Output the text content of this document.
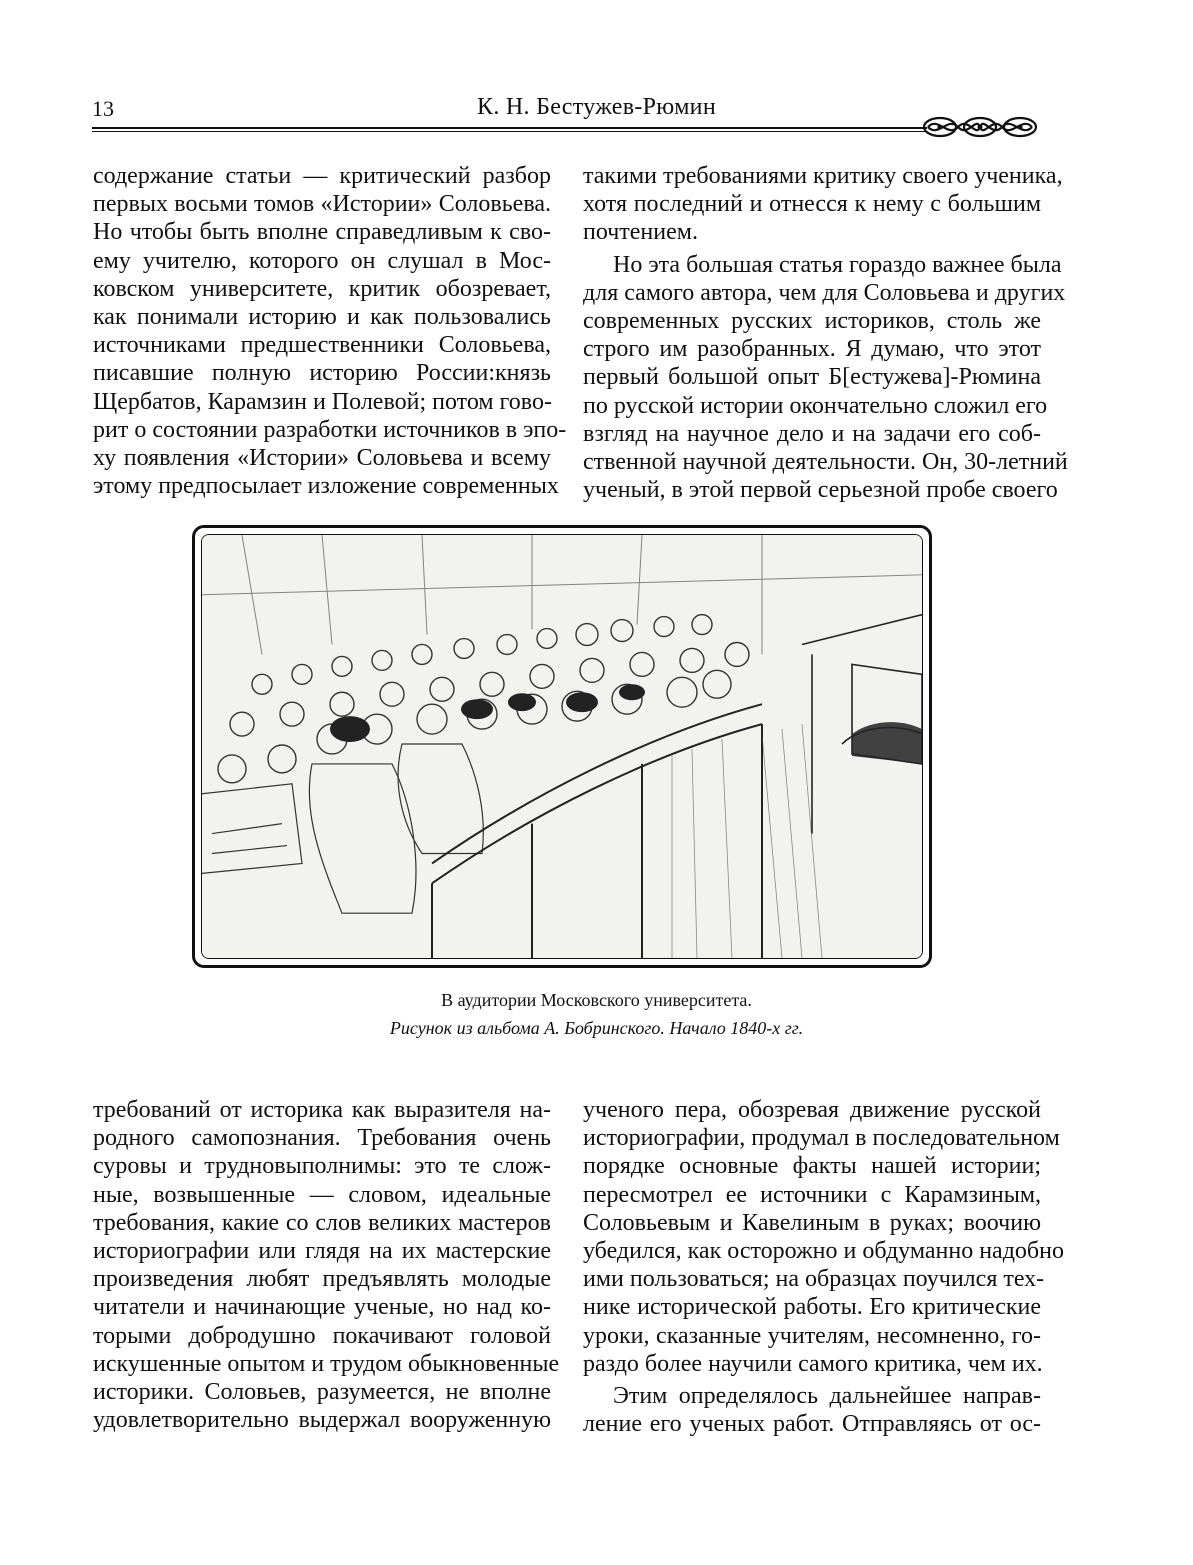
13	К. Н. Бестужев-Рюмин

содержание статьи — критический разбор
первых восьми томов «Истории» Соловьева.
Но чтобы быть вполне справедливым к сво-
ему учителю, которого он слушал в Мос-
ковском университете, критик обозревает,
как понимали историю и как пользовались
источниками предшественники Соловьева,
писавшие полную историю России:князь
Щербатов, Карамзин и Полевой; потом гово-
рит о состоянии разработки источников в эпо-
ху появления «Истории» Соловьева и всему
этому предпосылает изложение современных

такими требованиями критику своего ученика,
хотя последний и отнесся к нему с большим
почтением.

Но эта большая статья гораздо важнее была
для самого автора, чем для Соловьева и других
современных русских историков, столь же
строго им разобранных. Я думаю, что этот
первый большой опыт Б[естужева]-Рюмина
по русской истории окончательно сложил его
взгляд на научное дело и на задачи его соб-
ственной научной деятельности. Он, 30-летний
ученый, в этой первой серьезной пробе своего

В аудитории Московского университета.
Рисунок из альбома А. Бобринского. Начало 1840-х гг.

требований от историка как выразителя на-
родного самопознания. Требования очень
суровы и трудновыполнимы: это те слож-
ные, возвышенные — словом, идеальные
требования, какие со слов великих мастеров
историографии или глядя на их мастерские
произведения любят предъявлять молодые
читатели и начинающие ученые, но над ко-
торыми добродушно покачивают головой
искушенные опытом и трудом обыкновенные
историки. Соловьев, разумеется, не вполне
удовлетворительно выдержал вооруженную

ученого пера, обозревая движение русской
историографии, продумал в последовательном
порядке основные факты нашей истории;
пересмотрел ее источники с Карамзиным,
Соловьевым и Кавелиным в руках; воочию
убедился, как осторожно и обдуманно надобно
ими пользоваться; на образцах поучился тех-
нике исторической работы. Его критические
уроки, сказанные учителям, несомненно, го-
раздо более научили самого критика, чем их.

Этим определялось дальнейшее направ-
ление его ученых работ. Отправляясь от ос-
